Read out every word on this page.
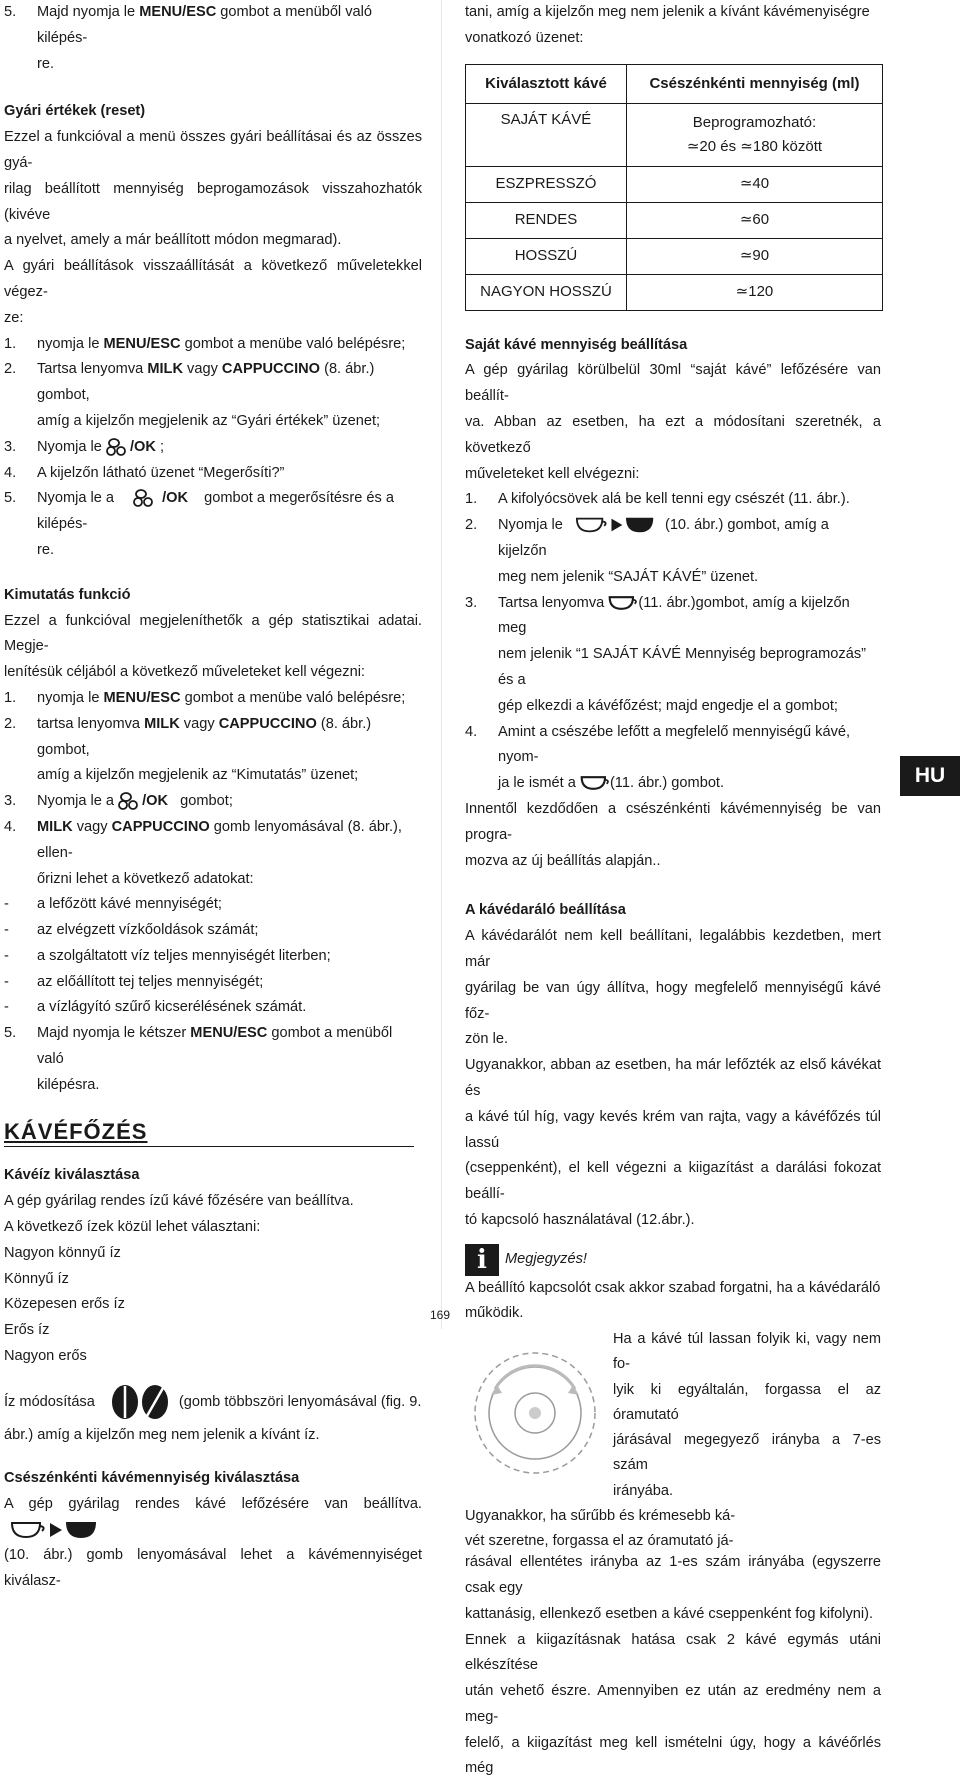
5. Majd nyomja le MENU/ESC gombot a menüből való kilépés-
re.

Gyári értékek (reset)

Ezzel a funkcióval a menü összes gyári beállításai és az összes gyá-
rilag beállított mennyiség beprogamozások visszahozhatók (kivéve
a nyelvet, amely a már beállított módon megmarad).

A gyári beállítások visszaállítását a következő műveletekkel végez-
ze:

1. nyomja le MENU/ESC gombot a menübe való belépésre;

2. Tartsa lenyomva MILK vagy CAPPUCCINO (8. ábr.) gombot,
amíg a kijelzőn megjelenik az “Gyári értékek” üzenet;

3. Nyomja le /OK ;

4. A kijelzőn látható üzenet “Megerősíti?”

5. Nyomja le a	/OK gombot a megerősítésre és a kilépés-
re.

Kimutatás funkció

Ezzel a funkcióval megjeleníthetők a gép statisztikai adatai. Megje-
lenítésük céljából a következő műveleteket kell végezni:

1. nyomja le MENU/ESC gombot a menübe való belépésre;

2. tartsa lenyomva MILK vagy CAPPUCCINO (8. ábr.) gombot,
amíg a kijelzőn megjelenik az “Kimutatás” üzenet;

3. Nyomja le a /OK gombot;

4. MILK vagy CAPPUCCINO gomb lenyomásával (8. ábr.), ellen-
őrizni lehet a következő adatokat:

- a lefőzött kávé mennyiségét;

- az elvégzett vízkőoldások számát;

- a szolgáltatott víz teljes mennyiségét literben;

- az előállított tej teljes mennyiségét;

- a vízlágyító szűrő kicserélésének számát.

5. Majd nyomja le kétszer MENU/ESC gombot a menüből való
kilépésra.

KÁVÉFŐZÉS

Kávéíz kiválasztása

A gép gyárilag rendes ízű kávé főzésére van beállítva.
A következő ízek közül lehet választani:
Nagyon könnyű íz
Könnyű íz
Közepesen erős íz
Erős íz
Nagyon erős

Íz módosítása	(gomb többszöri lenyomásával (fig. 9.
ábr.) amíg a kijelzőn meg nem jelenik a kívánt íz.

Csészénkénti kávémennyiség kiválasztása

A gép gyárilag rendes kávé lefőzésére van beállítva.
(10. ábr.) gomb lenyomásával lehet a kávémennyiséget kiválasz-

tani, amíg a kijelzőn meg nem jelenik a kívánt kávémenyiségre
vonatkozó üzenet:

Kiválasztott kávé	Csészénkénti mennyiség (ml)
SAJÁT KÁVÉ	Beprogramozható:
≃20 és ≃180 között
ESZPRESSZÓ	≃40
RENDES	≃60
HOSSZÚ	≃90
NAGYON HOSSZÚ	≃120

Saját kávé mennyiség beállítása

A gép gyárilag körülbelül 30ml “saját kávé” lefőzésére van beállít-
va. Abban az esetben, ha ezt a módosítani szeretnék, a következő
műveleteket kell elvégezni:

1. A kifolyócsövek alá be kell tenni egy csészét (11. ábr.).

2. Nyomja le	(10. ábr.) gombot, amíg a kijelzőn
meg nem jelenik “SAJÁT KÁVÉ” üzenet.

3. Tartsa lenyomva (11. ábr.)gombot, amíg a kijelzőn meg
nem jelenik “1 SAJÁT KÁVÉ Mennyiség beprogramozás” és a
gép elkezdi a kávéfőzést; majd engedje el a gombot;

4. Amint a csészébe lefőtt a megfelelő mennyiségű kávé, nyom-
ja le ismét a (11. ábr.) gombot.

Innentől kezdődően a csészénkénti kávémennyiség be van progra-
mozva az új beállítás alapján..

A kávédaráló beállítása

A kávédarálót nem kell beállítani, legalábbis kezdetben, mert már
gyárilag be van úgy állítva, hogy megfelelő mennyiségű kávé főz-
zön le.

Ugyanakkor, abban az esetben, ha már lefőzték az első kávékat és
a kávé túl híg, vagy kevés krém van rajta, vagy a kávéfőzés túl lassú
(cseppenként), el kell végezni a kiigazítást a darálási fokozat beállí-
tó kapcsoló használatával (12.ábr.).

i Megjegyzés!

A beállító kapcsolót csak akkor szabad forgatni, ha a kávédaráló
működik.

Ha a kávé túl lassan folyik ki, vagy nem fo-
lyik ki egyáltalán, forgassa el az óramutató
járásával megegyező irányba a 7-es szám
irányába.
Ugyanakkor, ha sűrűbb és krémesebb ká-
vét szeretne, forgassa el az óramutató já-

rásával ellentétes irányba az 1-es szám irányába (egyszerre csak egy
kattanásig, ellenkező esetben a kávé cseppenként fog kifolyni).
Ennek a kiigazításnak hatása csak 2 kávé egymás utáni elkészítése
után vehető észre. Amennyiben ez után az eredmény nem a meg-
felelő, a kiigazítást meg kell ismételni úgy, hogy a kávéőrlés még

HU
169
